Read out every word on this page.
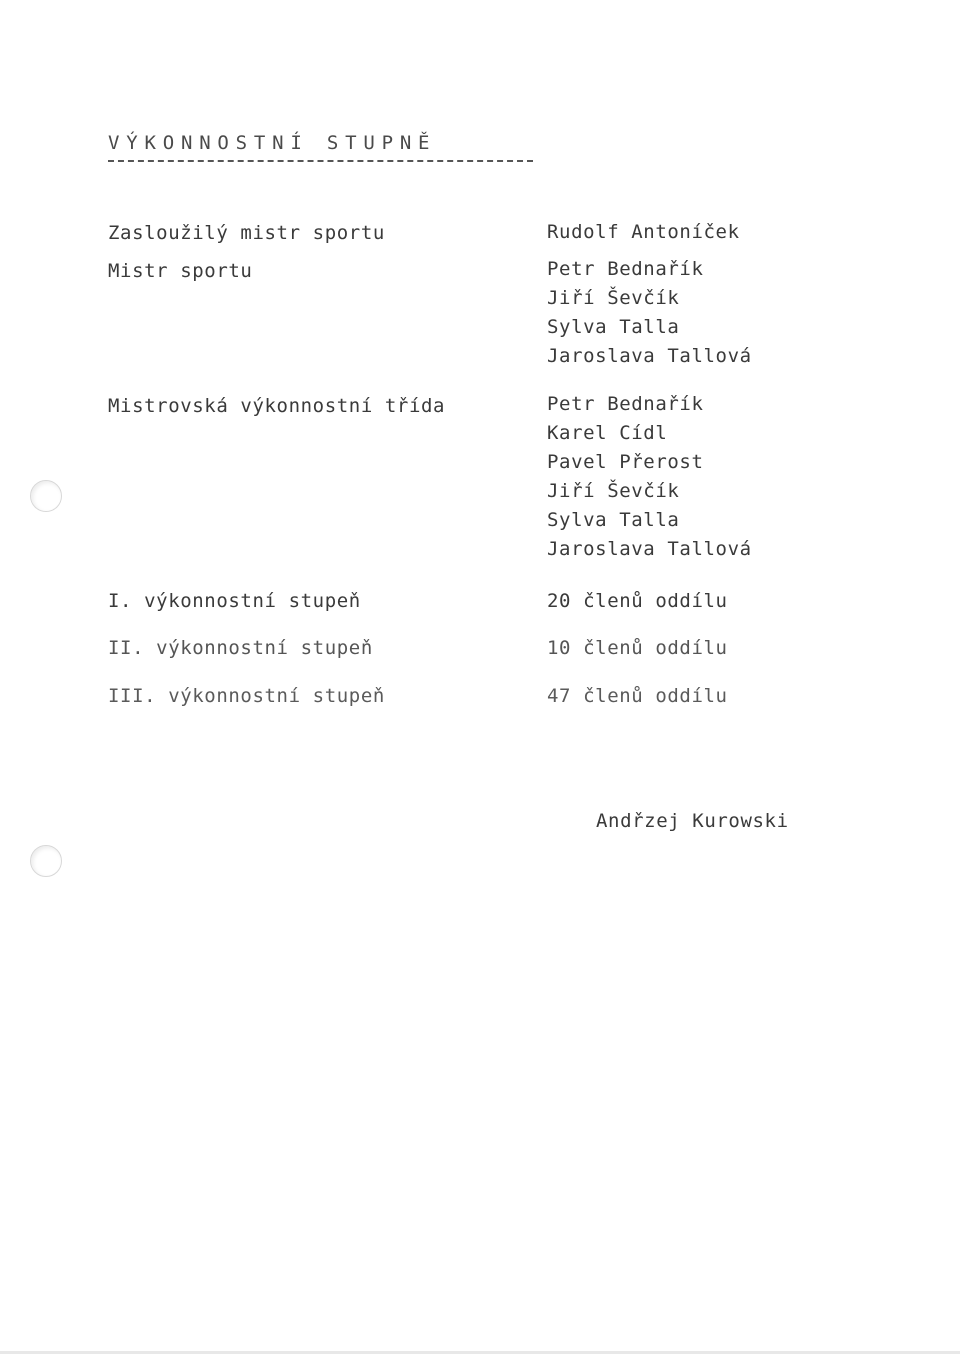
VÝKONNOSTNÍ STUPNĚ
Zasloužilý mistr sportu	Rudolf Antoníček
Mistr sportu	Petr Bednařík
Jiří Ševčík
Sylva Talla
Jaroslava Tallová
Mistrovská výkonnostní třída	Petr Bednařík
Karel Cídl
Pavel Přerost
Jiří Ševčík
Sylva Talla
Jaroslava Tallová
I. výkonnostní stupeň	20 členů oddílu
II. výkonnostní stupeň	10 členů oddílu
III. výkonnostní stupeň	47 členů oddílu
Andřzej Kurowski
